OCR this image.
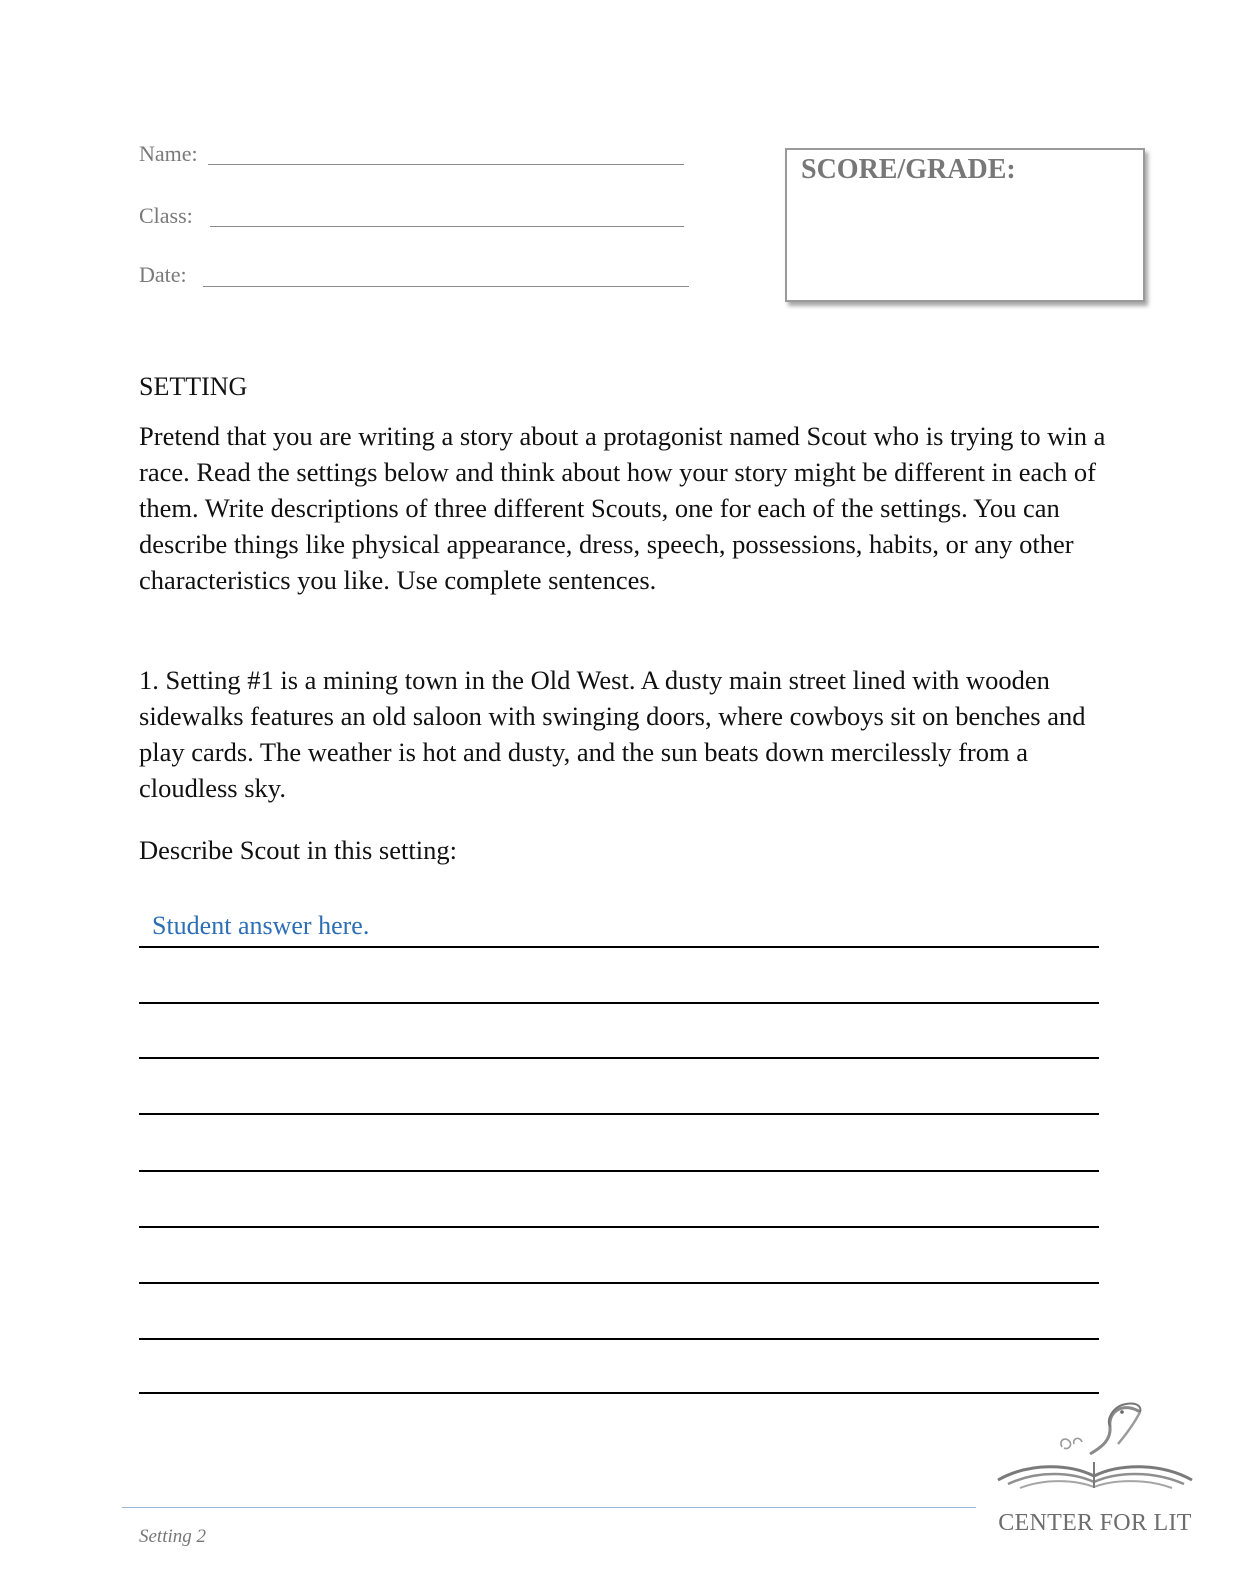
Name:
Class:
Date:
SCORE/GRADE:
SETTING
Pretend that you are writing a story about a protagonist named Scout who is trying to win a race. Read the settings below and think about how your story might be different in each of them. Write descriptions of three different Scouts, one for each of the settings. You can describe things like physical appearance, dress, speech, possessions, habits, or any other characteristics you like. Use complete sentences.
1. Setting #1 is a mining town in the Old West. A dusty main street lined with wooden sidewalks features an old saloon with swinging doors, where cowboys sit on benches and play cards. The weather is hot and dusty, and the sun beats down mercilessly from a cloudless sky.
Describe Scout in this setting:
Student answer here.
CENTER FOR LIT
Setting 2
